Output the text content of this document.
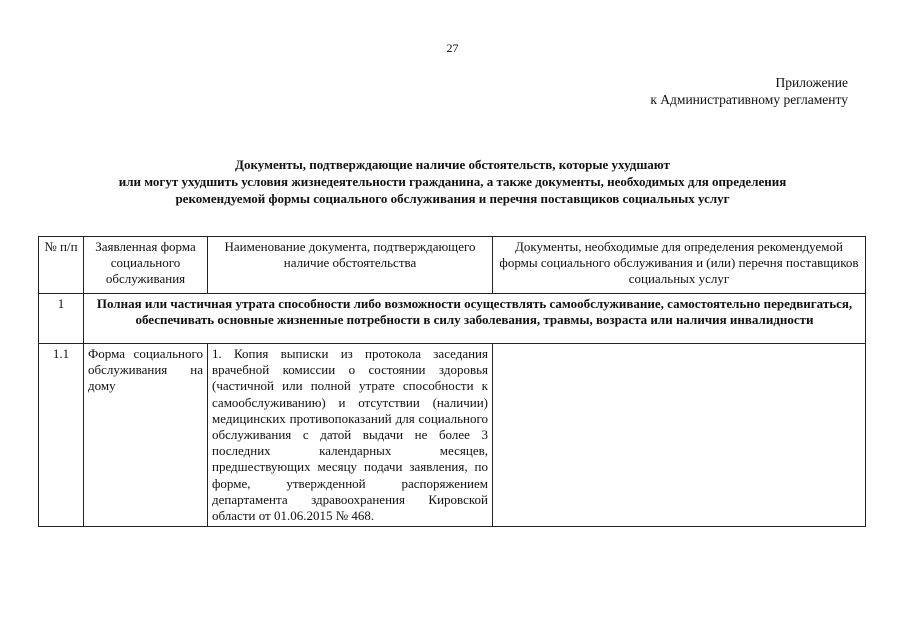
27
Приложение
к Административному регламенту
Документы, подтверждающие наличие обстоятельств, которые ухудшают
или могут ухудшить условия жизнедеятельности гражданина, а также документы, необходимых для определения
рекомендуемой формы социального обслуживания и перечня поставщиков социальных услуг
№ п/п	Заявленная форма социального обслуживания	Наименование документа, подтверждающего наличие обстоятельства	Документы, необходимые для определения рекомендуемой формы социального обслуживания и (или) перечня поставщиков социальных услуг
1	Полная или частичная утрата способности либо возможности осуществлять самообслуживание, самостоятельно передвигаться, обеспечивать основные жизненные потребности в силу заболевания, травмы, возраста или наличия инвалидности		
1.1	Форма социального обслуживания на дому	1. Копия выписки из протокола заседания врачебной комиссии о состоянии здоровья (частичной или полной утрате способности к самообслуживанию) и отсутствии (наличии) медицинских противопоказаний для социального обслуживания с датой выдачи не более 3 последних календарных месяцев, предшествующих месяцу подачи заявления, по форме, утвержденной распоряжением департамента здравоохранения Кировской области от 01.06.2015 № 468.	
